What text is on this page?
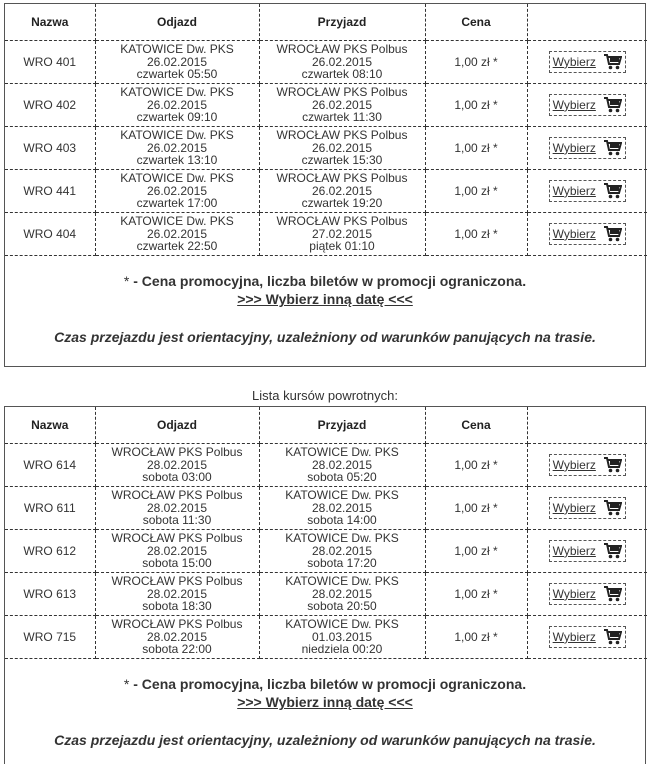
Nazwa	Odjazd	Przyjazd	Cena	
WRO 401	KATOWICE Dw. PKS
26.02.2015
czwartek 05:50	WROCŁAW PKS Polbus
26.02.2015
czwartek 08:10	1,00 zł *	Wybierz

WRO 402	KATOWICE Dw. PKS
26.02.2015
czwartek 09:10	WROCŁAW PKS Polbus
26.02.2015
czwartek 11:30	1,00 zł *	Wybierz

WRO 403	KATOWICE Dw. PKS
26.02.2015
czwartek 13:10	WROCŁAW PKS Polbus
26.02.2015
czwartek 15:30	1,00 zł *	Wybierz

WRO 441	KATOWICE Dw. PKS
26.02.2015
czwartek 17:00	WROCŁAW PKS Polbus
26.02.2015
czwartek 19:20	1,00 zł *	Wybierz

WRO 404	KATOWICE Dw. PKS
26.02.2015
czwartek 22:50	WROCŁAW PKS Polbus
27.02.2015
piątek 01:10	1,00 zł *	Wybierz
* - Cena promocyjna, liczba biletów w promocji ograniczona.
>>> Wybierz inną datę <<<
Czas przejazdu jest orientacyjny, uzależniony od warunków panujących na trasie.
Lista kursów powrotnych:
Nazwa	Odjazd	Przyjazd	Cena	
WRO 614	WROCŁAW PKS Polbus
28.02.2015
sobota 03:00	KATOWICE Dw. PKS
28.02.2015
sobota 05:20	1,00 zł *	Wybierz

WRO 611	WROCŁAW PKS Polbus
28.02.2015
sobota 11:30	KATOWICE Dw. PKS
28.02.2015
sobota 14:00	1,00 zł *	Wybierz

WRO 612	WROCŁAW PKS Polbus
28.02.2015
sobota 15:00	KATOWICE Dw. PKS
28.02.2015
sobota 17:20	1,00 zł *	Wybierz

WRO 613	WROCŁAW PKS Polbus
28.02.2015
sobota 18:30	KATOWICE Dw. PKS
28.02.2015
sobota 20:50	1,00 zł *	Wybierz

WRO 715	WROCŁAW PKS Polbus
28.02.2015
sobota 22:00	KATOWICE Dw. PKS
01.03.2015
niedziela 00:20	1,00 zł *	Wybierz
* - Cena promocyjna, liczba biletów w promocji ograniczona.
>>> Wybierz inną datę <<<
Czas przejazdu jest orientacyjny, uzależniony od warunków panujących na trasie.
